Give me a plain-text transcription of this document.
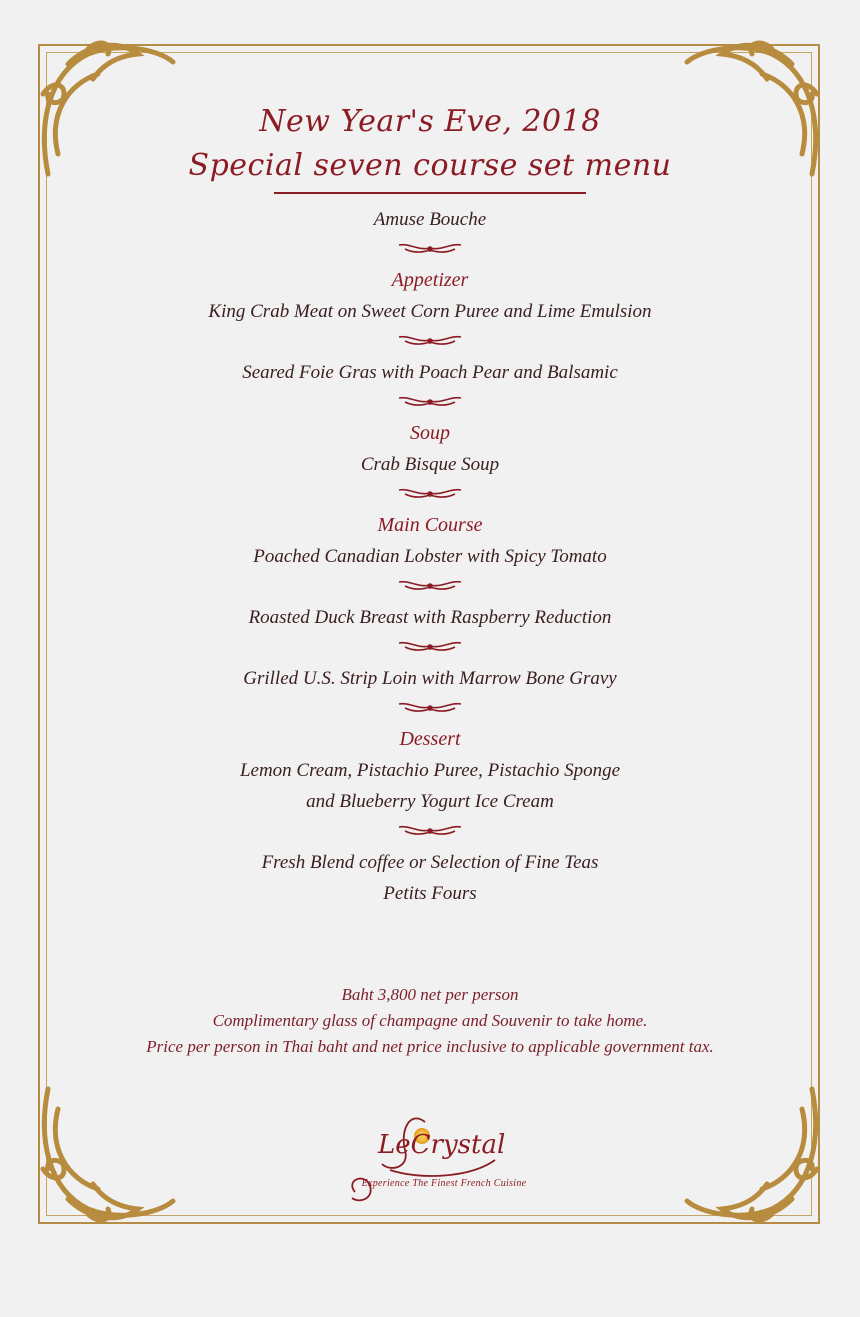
New Year's Eve, 2018
Special seven course set menu
Amuse Bouche
Appetizer
King Crab Meat on Sweet Corn Puree and Lime Emulsion
Seared Foie Gras with Poach Pear and Balsamic
Soup
Crab Bisque Soup
Main Course
Poached Canadian Lobster with Spicy Tomato
Roasted Duck Breast with Raspberry Reduction
Grilled U.S. Strip Loin with Marrow Bone Gravy
Dessert
Lemon Cream, Pistachio Puree, Pistachio Sponge
and Blueberry Yogurt Ice Cream
Fresh Blend coffee or Selection of Fine Teas
Petits Fours
Baht 3,800 net per person
Complimentary glass of champagne and Souvenir to take home.
Price per person in Thai baht and net price inclusive to applicable government tax.
LeCrystal
Experience The Finest French Cuisine
